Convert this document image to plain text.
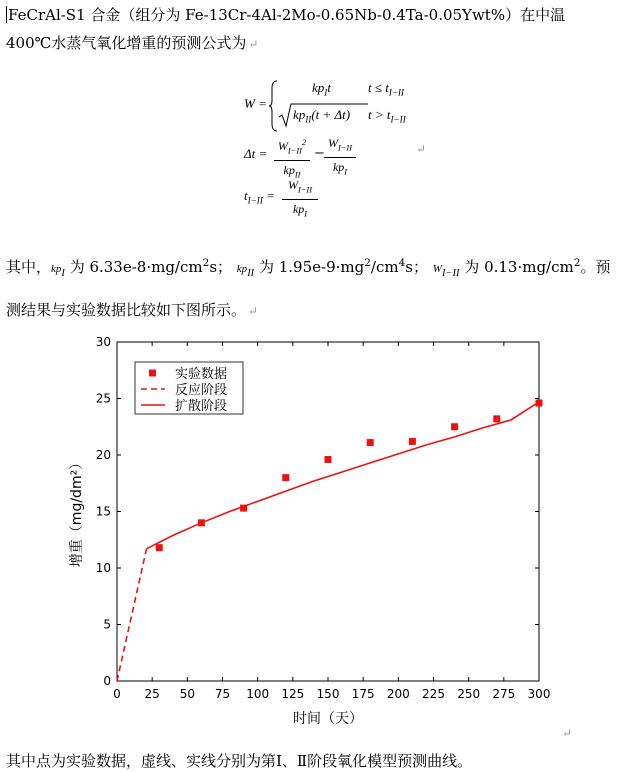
FeCrAl-S1 合金（组分为 Fe-13Cr-4Al-2Mo-0.65Nb-0.4Ta-0.05Ywt%）在中温
400℃水蒸气氧化增重的预测公式为 ↵
W =
$kp_It$	$t \le t_{I-II}$
$kp_{II}(t + \Delta t) t > t_{I-II}$
$\Delta t = W_{I-II}^2$
$kp_{II}$
−
$W_{I-II}$
$kp_I$
↵
$t_{I-II}$ =
$W_{I-II}$
$kp_I$
其中，$kp_I$ 为 $6.33e-8\cdot mg/cm^2s$； $kp_{II}$ 为 $1.95e-9\cdot mg^2/cm^4s$； $W_{I-II}$ 为 $0.13\cdot mg/cm^2$。预
测结果与实验数据比较如下图所示。 ↵
0 25 50 75 100 125 150 175 200 225 250 275 300
0
5
10
15
20
25
30
时间（天）
增重（mg/dm²）
实验数据
反应阶段
扩散阶段
↵
其中点为实验数据，虚线、实线分别为第Ⅰ、Ⅱ阶段氧化模型预测曲线。
